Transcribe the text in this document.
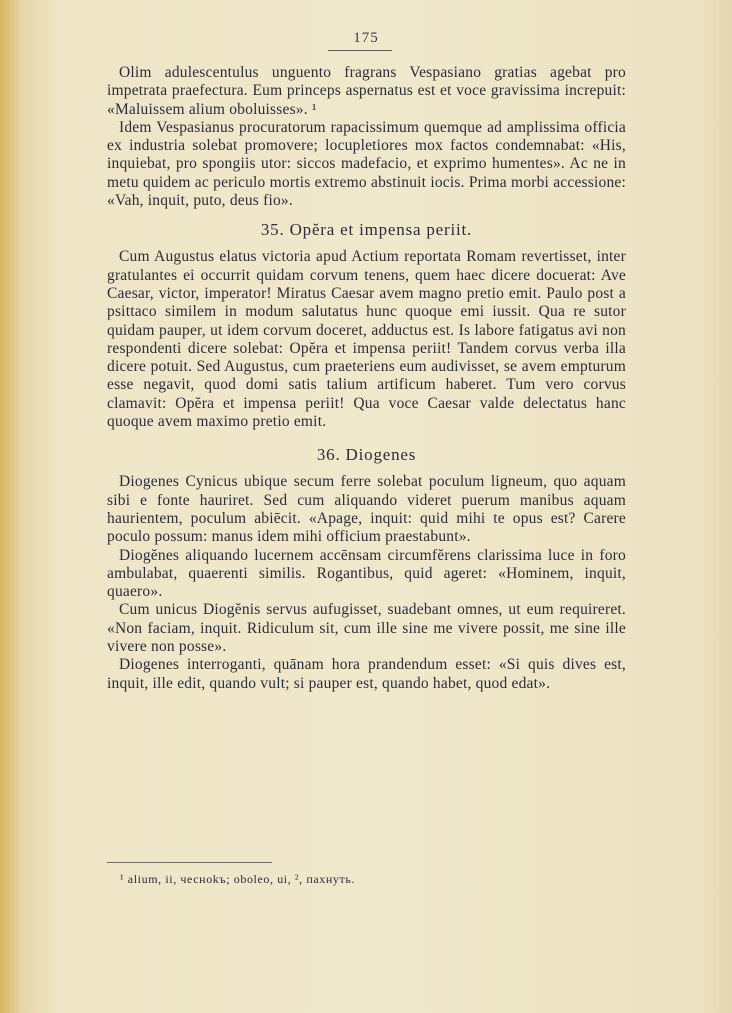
175

Olim adulescentulus unguento fragrans Vespasiano gratias agebat pro impetrata praefectura. Eum princeps aspernatus est et voce gravissima increpuit: «Maluissem alium oboluisses». ¹

Idem Vespasianus procuratorum rapacissimum quemque ad amplissima officia ex industria solebat promovere; locupletiores mox factos condemnabat: «His, inquiebat, pro spongiis utor: siccos madefacio, et exprimo humentes». Ac ne in metu quidem ac periculo mortis extremo abstinuit iocis. Prima morbi accessione: «Vah, inquit, puto, deus fio».

35. Opĕra et impensa periit.

Cum Augustus elatus victoria apud Actium reportata Romam revertisset, inter gratulantes ei occurrit quidam corvum tenens, quem haec dicere docuerat: Ave Caesar, victor, imperator! Miratus Caesar avem magno pretio emit. Paulo post a psittaco similem in modum salutatus hunc quoque emi iussit. Qua re sutor quidam pauper, ut idem corvum doceret, adductus est. Is labore fatigatus avi non respondenti dicere solebat: Opĕra et impensa periit! Tandem corvus verba illa dicere potuit. Sed Augustus, cum praeteriens eum audivisset, se avem empturum esse negavit, quod domi satis talium artificum haberet. Tum vero corvus clamavit: Opĕra et impensa periit! Qua voce Caesar valde delectatus hanc quoque avem maximo pretio emit.

36. Diogenes

Diogenes Cynicus ubique secum ferre solebat poculum ligneum, quo aquam sibi e fonte hauriret. Sed cum aliquando videret puerum manibus aquam haurientem, poculum abiēcit. «Apage, inquit: quid mihi te opus est? Carere poculo possum: manus idem mihi officium praestabunt».

Diogĕnes aliquando lucernem accēnsam circumfĕrens clarissima luce in foro ambulabat, quaerenti similis. Rogantibus, quid ageret: «Hominem, inquit, quaero».

Cum unicus Diogĕnis servus aufugisset, suadebant omnes, ut eum requireret. «Non faciam, inquit. Ridiculum sit, cum ille sine me vivere possit, me sine ille vivere non posse».

Diogenes interroganti, quānam hora prandendum esset: «Si quis dives est, inquit, ille edit, quando vult; si pauper est, quando habet, quod edat».

¹ alium, ii, чесноkъ; oboleo, ui, ², пахнуть.
